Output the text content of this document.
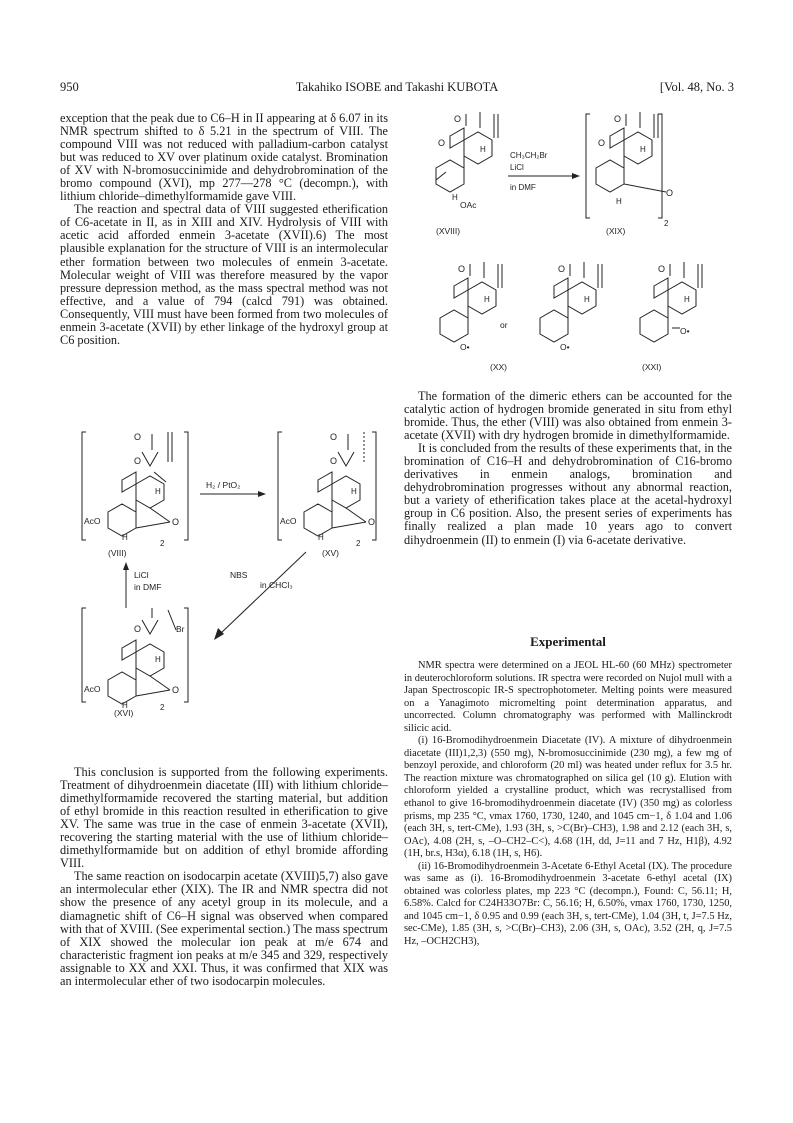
950	Takahiko ISOBE and Takashi KUBOTA	[Vol. 48, No. 3

exception that the peak due to C6–H in II appearing at δ 6.07 in its NMR spectrum shifted to δ 5.21 in the spectrum of VIII. The compound VIII was not reduced with palladium-carbon catalyst but was reduced to XV over platinum oxide catalyst. Bromination of XV with N-bromosuccinimide and dehydrobromination of the bromo compound (XVI), mp 277—278 °C (decompn.), with lithium chloride–dimethylformamide gave VIII.

The reaction and spectral data of VIII suggested etherification of C6-acetate in II, as in XIII and XIV. Hydrolysis of VIII with acetic acid afforded enmein 3-acetate (XVII).6) The most plausible explanation for the structure of VIII is an intermolecular ether formation between two molecules of enmein 3-acetate. Molecular weight of VIII was therefore measured by the vapor pressure depression method, as the mass spectral method was not effective, and a value of 794 (calcd 791) was obtained. Consequently, VIII must have been formed from two molecules of enmein 3-acetate (XVII) by ether linkage of the hydroxyl group at C6 position.

O
O
H
AcO
H
O
2
(VIII)
H₂ / PtO₂
O
O
H
AcO
H
O
2
(XV)
LiCl
in DMF
NBS
in CHCl₃
O	Br
H
AcO
H
O
2
(XVI)

This conclusion is supported from the following experiments. Treatment of dihydroenmein diacetate (III) with lithium chloride–dimethylformamide recovered the starting material, but addition of ethyl bromide in this reaction resulted in etherification to give XV. The same was true in the case of enmein 3-acetate (XVII), recovering the starting material with the use of lithium chloride–dimethylformamide but on addition of ethyl bromide affording VIII.

The same reaction on isodocarpin acetate (XVIII)5,7) also gave an intermolecular ether (XIX). The IR and NMR spectra did not show the presence of any acetyl group in its molecule, and a diamagnetic shift of C6–H signal was observed when compared with that of XVIII. (See experimental section.) The mass spectrum of XIX showed the molecular ion peak at m/e 674 and characteristic fragment ion peaks at m/e 345 and 329, respectively assignable to XX and XXI. Thus, it was confirmed that XIX was an intermolecular ether of two isodocarpin molecules.

O
O
H
H
OAc
(XVIII)
CH₃CH₂Br
LiCl
in DMF
O
O
H
H
O
2
(XIX)
O
H
O•
or
O
H
O•
(XX)
O
H
O•
(XXI)

The formation of the dimeric ethers can be accounted for the catalytic action of hydrogen bromide generated in situ from ethyl bromide. Thus, the ether (VIII) was also obtained from enmein 3-acetate (XVII) with dry hydrogen bromide in dimethylformamide.

It is concluded from the results of these experiments that, in the bromination of C16–H and dehydrobromination of C16-bromo derivatives in enmein analogs, bromination and dehydrobromination progresses without any abnormal reaction, but a variety of etherification takes place at the acetal-hydroxyl group in C6 position. Also, the present series of experiments has finally realized a plan made 10 years ago to convert dihydroenmein (II) to enmein (I) via 6-acetate derivative.

Experimental

NMR spectra were determined on a JEOL HL-60 (60 MHz) spectrometer in deuterochloroform solutions. IR spectra were recorded on Nujol mull with a Japan Spectroscopic IR-S spectrophotometer. Melting points were measured on a Yanagimoto micromelting point determination apparatus, and uncorrected. Column chromatography was performed with Mallinckrodt silicic acid.

(i) 16-Bromodihydroenmein Diacetate (IV). A mixture of dihydroenmein diacetate (III)1,2,3) (550 mg), N-bromosuccinimide (230 mg), a few mg of benzoyl peroxide, and chloroform (20 ml) was heated under reflux for 3.5 hr. The reaction mixture was chromatographed on silica gel (10 g). Elution with chloroform yielded a crystalline product, which was recrystallised from ethanol to give 16-bromodihydroenmein diacetate (IV) (350 mg) as colorless prisms, mp 235 °C, νmax 1760, 1730, 1240, and 1045 cm−1, δ 1.04 and 1.06 (each 3H, s, tert-CMe), 1.93 (3H, s, >C(Br)–CH3), 1.98 and 2.12 (each 3H, s, OAc), 4.08 (2H, s, –O–CH2–C<), 4.68 (1H, dd, J=11 and 7 Hz, H1β), 4.92 (1H, br.s, H3α), 6.18 (1H, s, H6).

(ii) 16-Bromodihydroenmein 3-Acetate 6-Ethyl Acetal (IX). The procedure was same as (i). 16-Bromodihydroenmein 3-acetate 6-ethyl acetal (IX) obtained was colorless plates, mp 223 °C (decompn.), Found: C, 56.11; H, 6.58%. Calcd for C24H33O7Br: C, 56.16; H, 6.50%, νmax 1760, 1730, 1250, and 1045 cm−1, δ 0.95 and 0.99 (each 3H, s, tert-CMe), 1.04 (3H, t, J=7.5 Hz, sec-CMe), 1.85 (3H, s, >C(Br)–CH3), 2.06 (3H, s, OAc), 3.52 (2H, q, J=7.5 Hz, –OCH2CH3),
